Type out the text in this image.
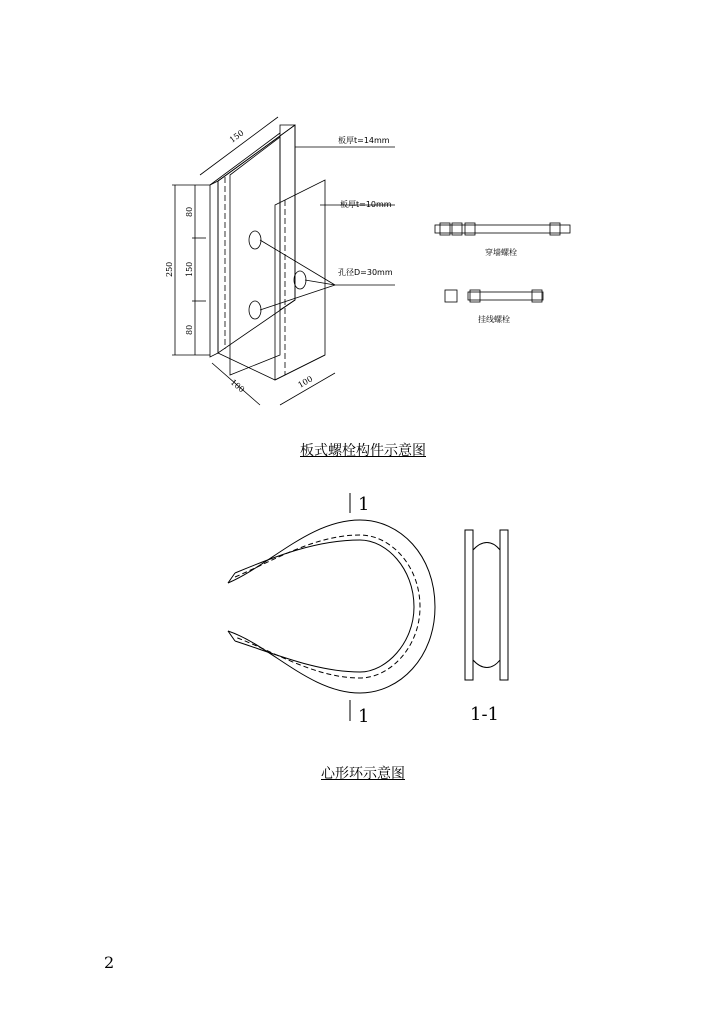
150
250
80
150
80
100	100
板厚t=14mm
板厚t=10mm
孔径D=30mm
穿墙螺栓
挂线螺栓
板式螺栓构件示意图
1
1	1-1
心形环示意图
2
